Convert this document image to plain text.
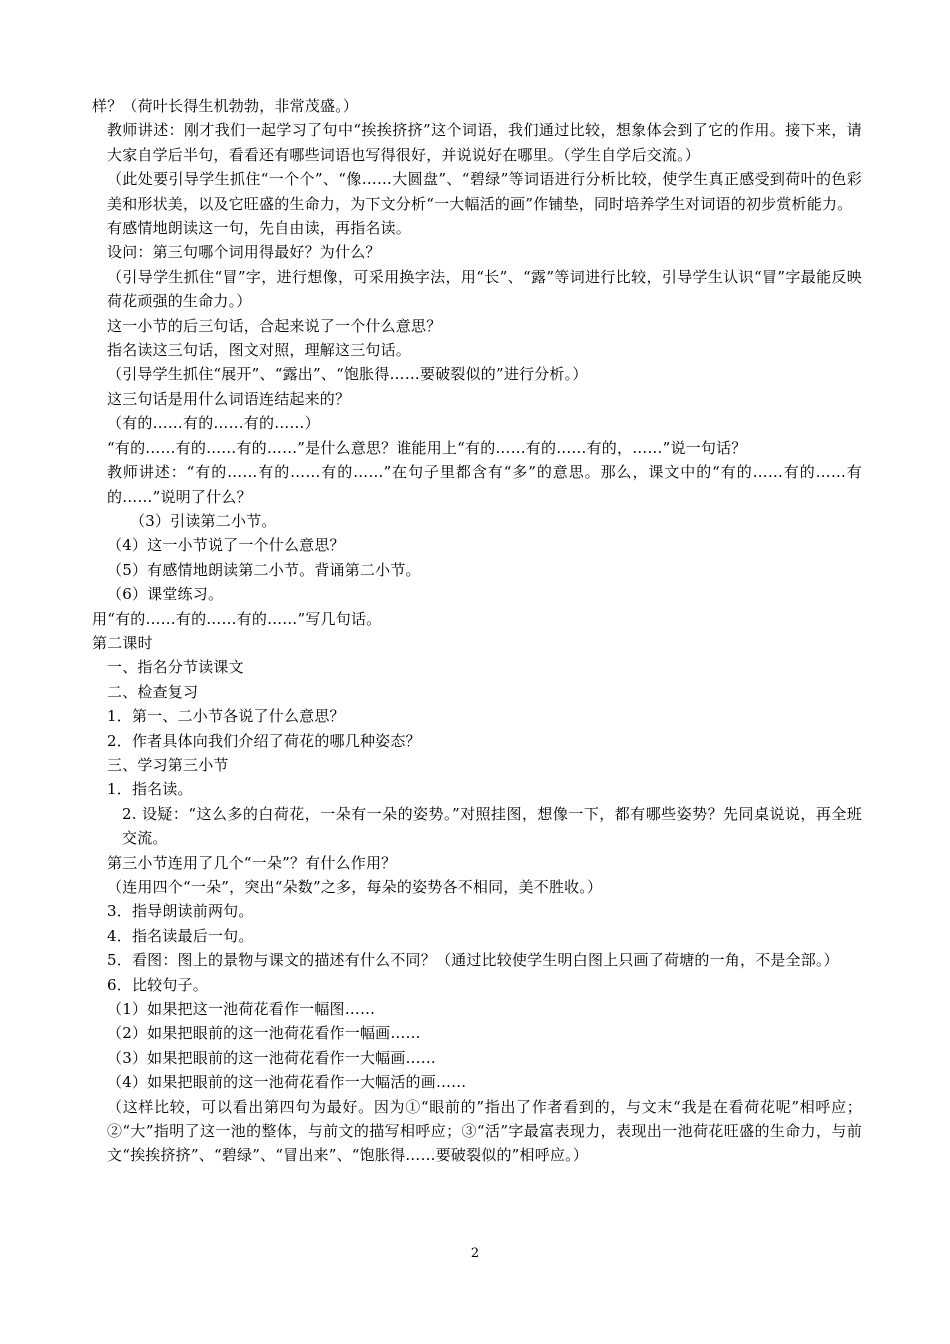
样？（荷叶长得生机勃勃，非常茂盛。）
教师讲述：刚才我们一起学习了句中“挨挨挤挤”这个词语，我们通过比较，想象体会到了它的作用。接下来，请大家自学后半句，看看还有哪些词语也写得很好，并说说好在哪里。（学生自学后交流。）
（此处要引导学生抓住“一个个”、“像……大圆盘”、“碧绿”等词语进行分析比较，使学生真正感受到荷叶的色彩美和形状美，以及它旺盛的生命力，为下文分析“一大幅活的画”作铺垫，同时培养学生对词语的初步赏析能力。
有感情地朗读这一句，先自由读，再指名读。
设问：第三句哪个词用得最好？为什么？
（引导学生抓住“冒”字，进行想像，可采用换字法，用“长”、“露”等词进行比较，引导学生认识“冒”字最能反映荷花顽强的生命力。）
这一小节的后三句话，合起来说了一个什么意思？
指名读这三句话，图文对照，理解这三句话。
（引导学生抓住“展开”、“露出”、“饱胀得……要破裂似的”进行分析。）
这三句话是用什么词语连结起来的？
（有的……有的……有的……）
“有的……有的……有的……”是什么意思？谁能用上“有的……有的……有的，……”说一句话？
教师讲述：“有的……有的……有的……”在句子里都含有“多”的意思。那么，课文中的“有的……有的……有的……”说明了什么？
（3）引读第二小节。
（4）这一小节说了一个什么意思？
（5）有感情地朗读第二小节。背诵第二小节。
（6）课堂练习。
用“有的……有的……有的……”写几句话。
第二课时
一、指名分节读课文
二、检查复习
1．第一、二小节各说了什么意思？
2．作者具体向我们介绍了荷花的哪几种姿态？
三、学习第三小节
1．指名读。
2. 设疑：“这么多的白荷花，一朵有一朵的姿势。”对照挂图，想像一下，都有哪些姿势？先同桌说说，再全班交流。
第三小节连用了几个“一朵”？有什么作用？
（连用四个“一朵”，突出“朵数”之多，每朵的姿势各不相同，美不胜收。）
3．指导朗读前两句。
4．指名读最后一句。
5．看图：图上的景物与课文的描述有什么不同？（通过比较使学生明白图上只画了荷塘的一角，不是全部。）
6．比较句子。
（1）如果把这一池荷花看作一幅图……
（2）如果把眼前的这一池荷花看作一幅画……
（3）如果把眼前的这一池荷花看作一大幅画……
（4）如果把眼前的这一池荷花看作一大幅活的画……
（这样比较，可以看出第四句为最好。因为①“眼前的”指出了作者看到的，与文末“我是在看荷花呢”相呼应；②“大”指明了这一池的整体，与前文的描写相呼应；③“活”字最富表现力，表现出一池荷花旺盛的生命力，与前文“挨挨挤挤”、“碧绿”、“冒出来”、“饱胀得……要破裂似的”相呼应。）
2
